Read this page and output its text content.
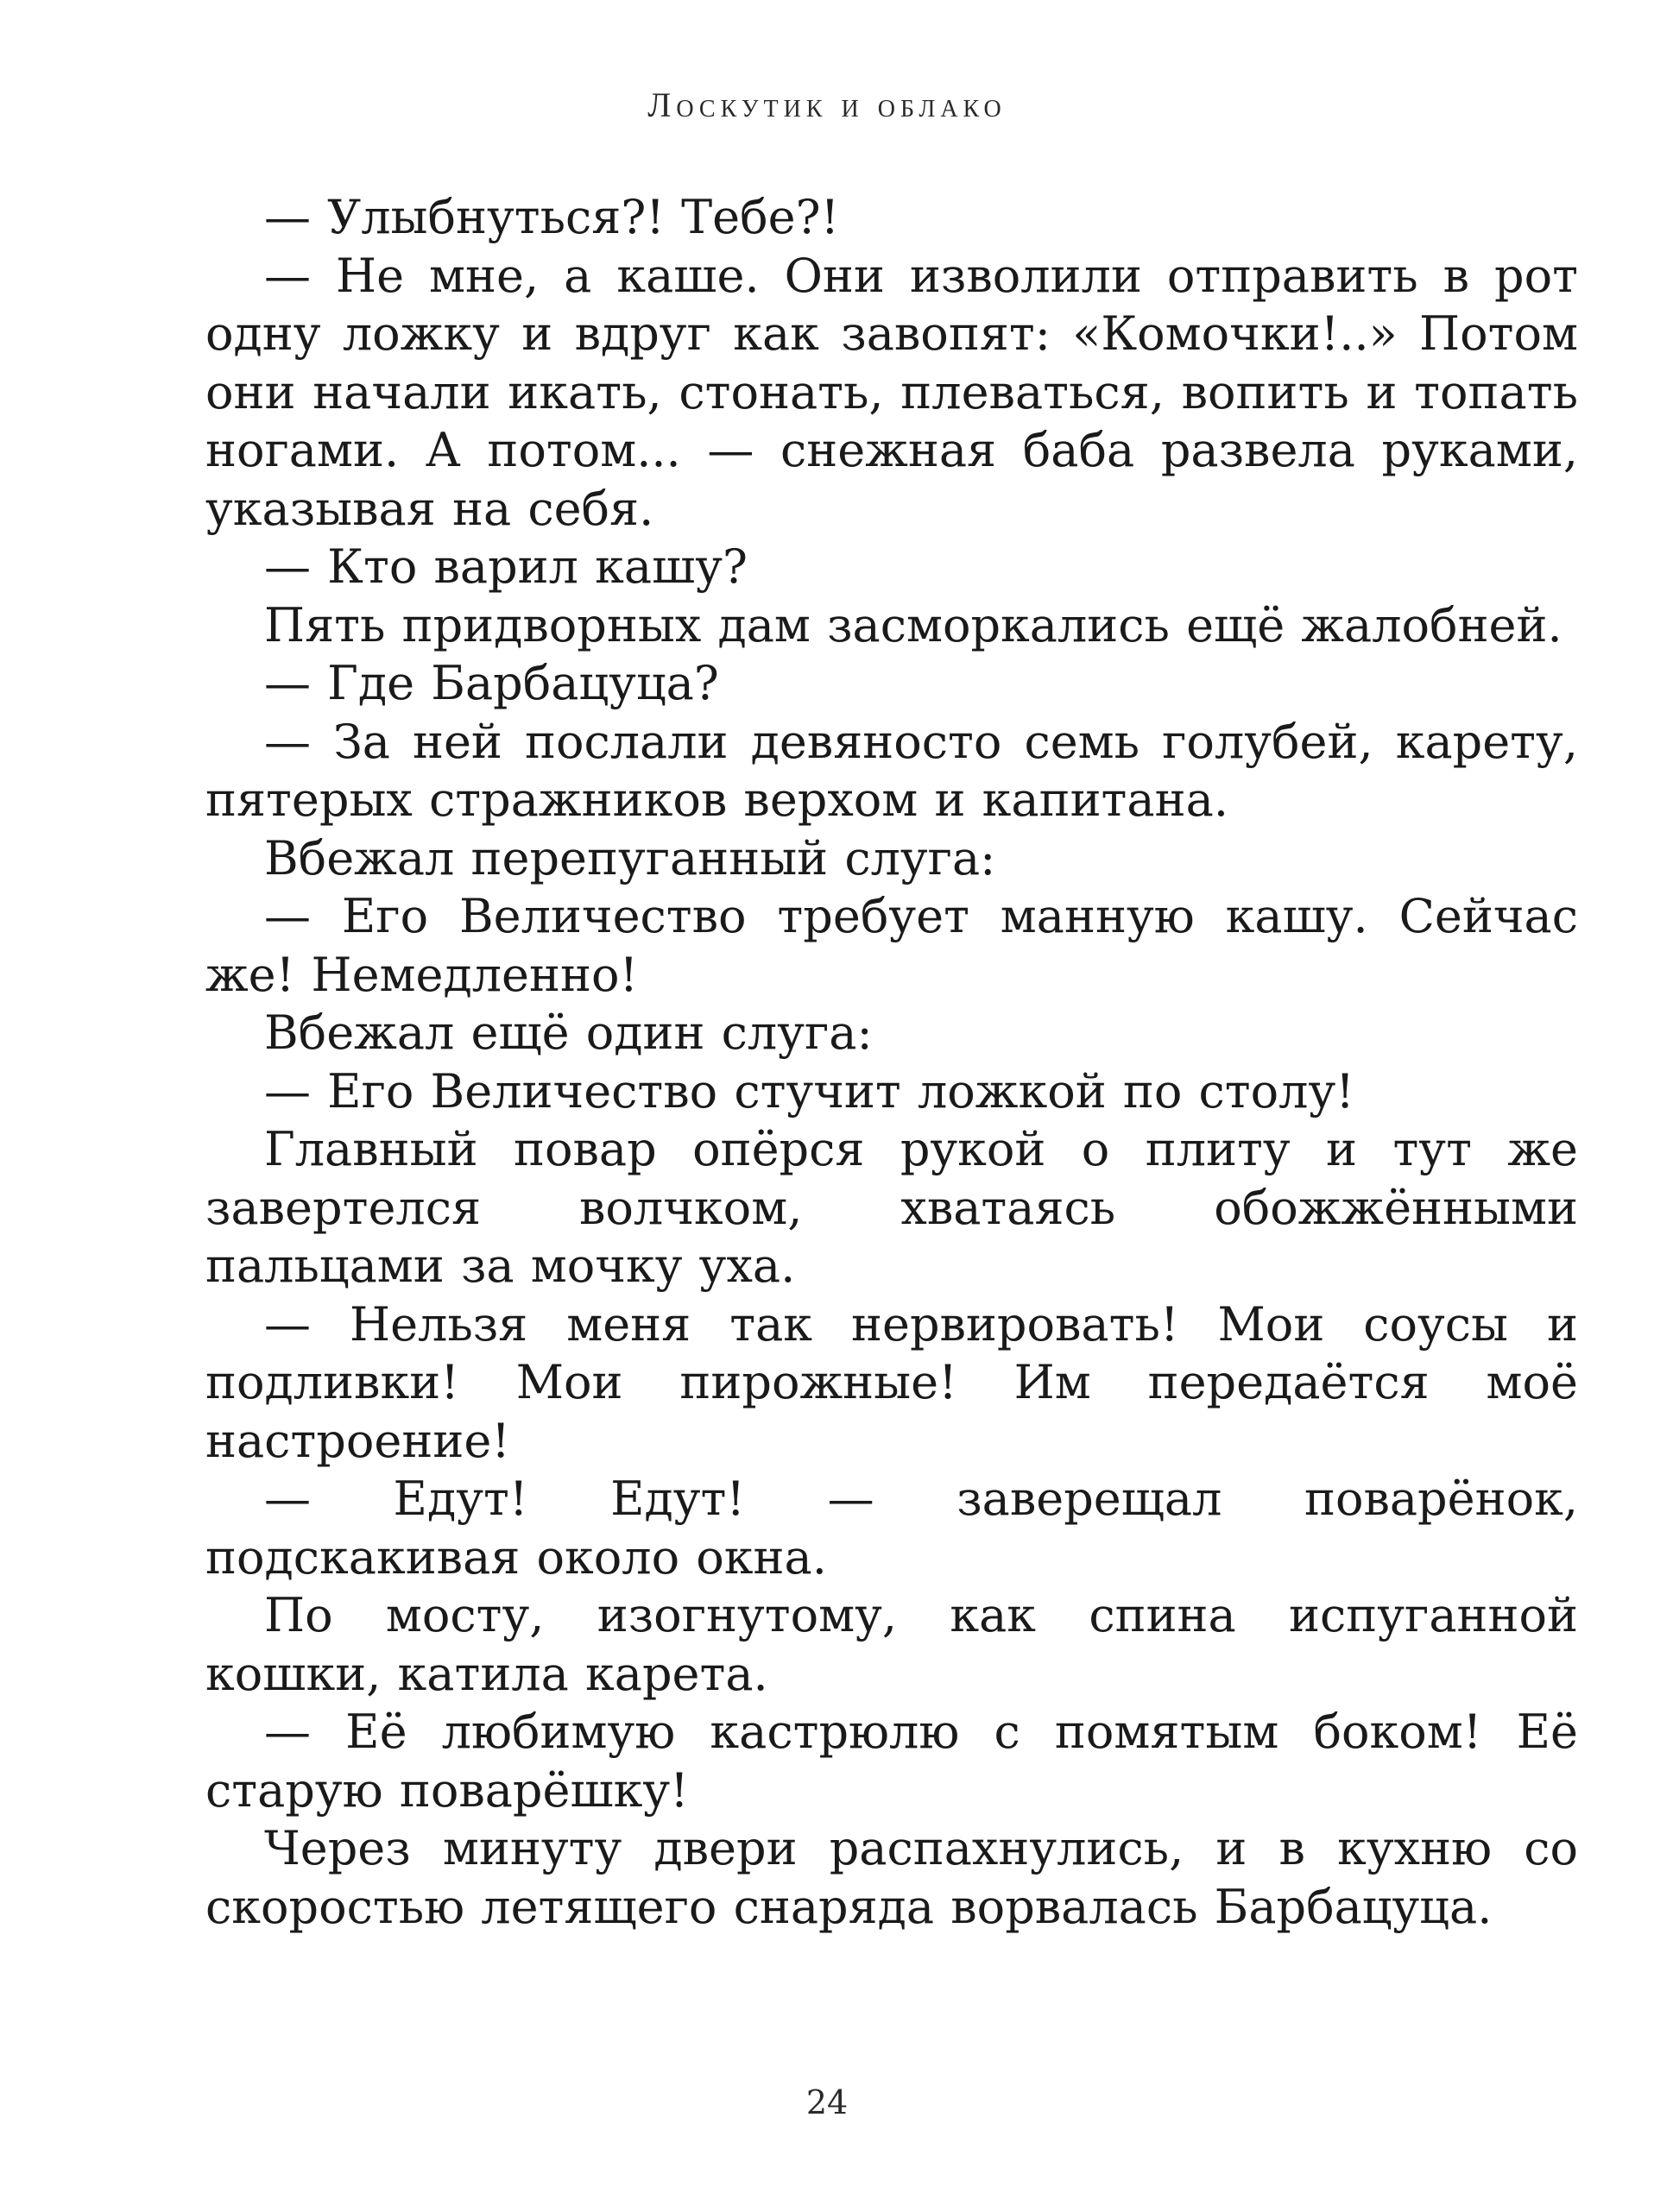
Лоскутик и облако

— Улыбнуться?! Тебе?!

— Не мне, а каше. Они изволили отправить в рот одну ложку и вдруг как завопят: «Комочки!..» Потом они начали икать, стонать, плеваться, вопить и топать ногами. А потом... — снежная баба развела руками, указывая на себя.

— Кто варил кашу?

Пять придворных дам засморкались ещё жалобней.

— Где Барбацуца?

— За ней послали девяносто семь голубей, карету, пятерых стражников верхом и капитана.

Вбежал перепуганный слуга:

— Его Величество требует манную кашу. Сейчас же! Немедленно!

Вбежал ещё один слуга:

— Его Величество стучит ложкой по столу!

Главный повар опёрся рукой о плиту и тут же завертелся волчком, хватаясь обожжёнными пальцами за мочку уха.

— Нельзя меня так нервировать! Мои соусы и подливки! Мои пирожные! Им передаётся моё настроение!

— Едут! Едут! — заверещал поварёнок, подскакивая около окна.

По мосту, изогнутому, как спина испуганной кошки, катила карета.

— Её любимую кастрюлю с помятым боком! Её старую поварёшку!

Через минуту двери распахнулись, и в кухню со скоростью летящего снаряда ворвалась Барбацуца.

24
